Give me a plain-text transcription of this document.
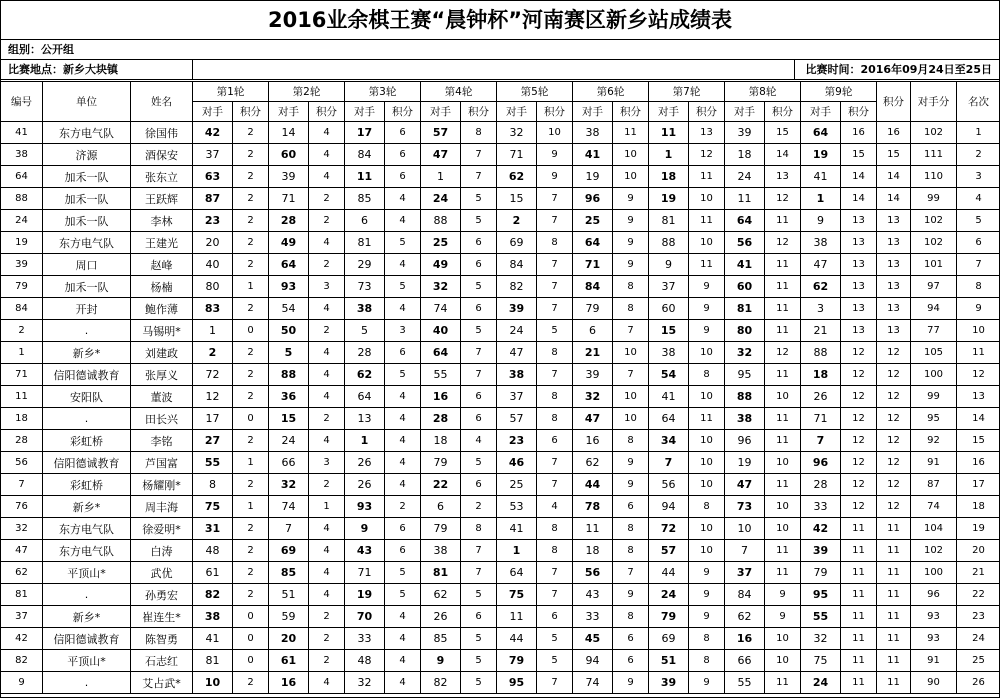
2016业余棋王赛“晨钟杯”河南赛区新乡站成绩表
组别：公开组
比赛地点：新乡大块镇	比赛时间：2016年09月24日至25日
编号	单位	姓名	第1轮		第2轮		第3轮		第4轮		第5轮		第6轮		第7轮		第8轮		第9轮		积分	对手分	名次
			对手	积分	对手	积分	对手	积分	对手	积分	对手	积分	对手	积分	对手	积分	对手	积分	对手	积分			
41	东方电气队	徐国伟	42	2	14	4	17	6	57	8	32	10	38	11	11	13	39	15	64	16	16	102	1
38	济源	酒保安	37	2	60	4	84	6	47	7	71	9	41	10	1	12	18	14	19	15	15	111	2
64	加禾一队	张东立	63	2	39	4	11	6	1	7	62	9	19	10	18	11	24	13	41	14	14	110	3
88	加禾一队	王跃辉	87	2	71	2	85	4	24	5	15	7	96	9	19	10	11	12	1	14	14	99	4
24	加禾一队	李林	23	2	28	2	6	4	88	5	2	7	25	9	81	11	64	11	9	13	13	102	5
19	东方电气队	王建光	20	2	49	4	81	5	25	6	69	8	64	9	88	10	56	12	38	13	13	102	6
39	周口	赵峰	40	2	64	2	29	4	49	6	84	7	71	9	9	11	41	11	47	13	13	101	7
79	加禾一队	杨楠	80	1	93	3	73	5	32	5	82	7	84	8	37	9	60	11	62	13	13	97	8
84	开封	鲍作薄	83	2	54	4	38	4	74	6	39	7	79	8	60	9	81	11	3	13	13	94	9
2	.	马锡明*	1	0	50	2	5	3	40	5	24	5	6	7	15	9	80	11	21	13	13	77	10
1	新乡*	刘建政	2	2	5	4	28	6	64	7	47	8	21	10	38	10	32	12	88	12	12	105	11
71	信阳德诚教育	张厚义	72	2	88	4	62	5	55	7	38	7	39	7	54	8	95	11	18	12	12	100	12
11	安阳队	董波	12	2	36	4	64	4	16	6	37	8	32	10	41	10	88	10	26	12	12	99	13
18	.	田长兴	17	0	15	2	13	4	28	6	57	8	47	10	64	11	38	11	71	12	12	95	14
28	彩虹桥	李铭	27	2	24	4	1	4	18	4	23	6	16	8	34	10	96	11	7	12	12	92	15
56	信阳德诚教育	芦国富	55	1	66	3	26	4	79	5	46	7	62	9	7	10	19	10	96	12	12	91	16
7	彩虹桥	杨耀刚*	8	2	32	2	26	4	22	6	25	7	44	9	56	10	47	11	28	12	12	87	17
76	新乡*	周丰海	75	1	74	1	93	2	6	2	53	4	78	6	94	8	73	10	33	12	12	74	18
32	东方电气队	徐爱明*	31	2	7	4	9	6	79	8	41	8	11	8	72	10	10	10	42	11	11	104	19
47	东方电气队	白涛	48	2	69	4	43	6	38	7	1	8	18	8	57	10	7	11	39	11	11	102	20
62	平顶山*	武优	61	2	85	4	71	5	81	7	64	7	56	7	44	9	37	11	79	11	11	100	21
81	.	孙勇宏	82	2	51	4	19	5	62	5	75	7	43	9	24	9	84	9	95	11	11	96	22
37	新乡*	崔连生*	38	0	59	2	70	4	26	6	11	6	33	8	79	9	62	9	55	11	11	93	23
42	信阳德诚教育	陈智勇	41	0	20	2	33	4	85	5	44	5	45	6	69	8	16	10	32	11	11	93	24
82	平顶山*	石志红	81	0	61	2	48	4	9	5	79	5	94	6	51	8	66	10	75	11	11	91	25
9	.	艾占武*	10	2	16	4	32	4	82	5	95	7	74	9	39	9	55	11	24	11	11	90	26
